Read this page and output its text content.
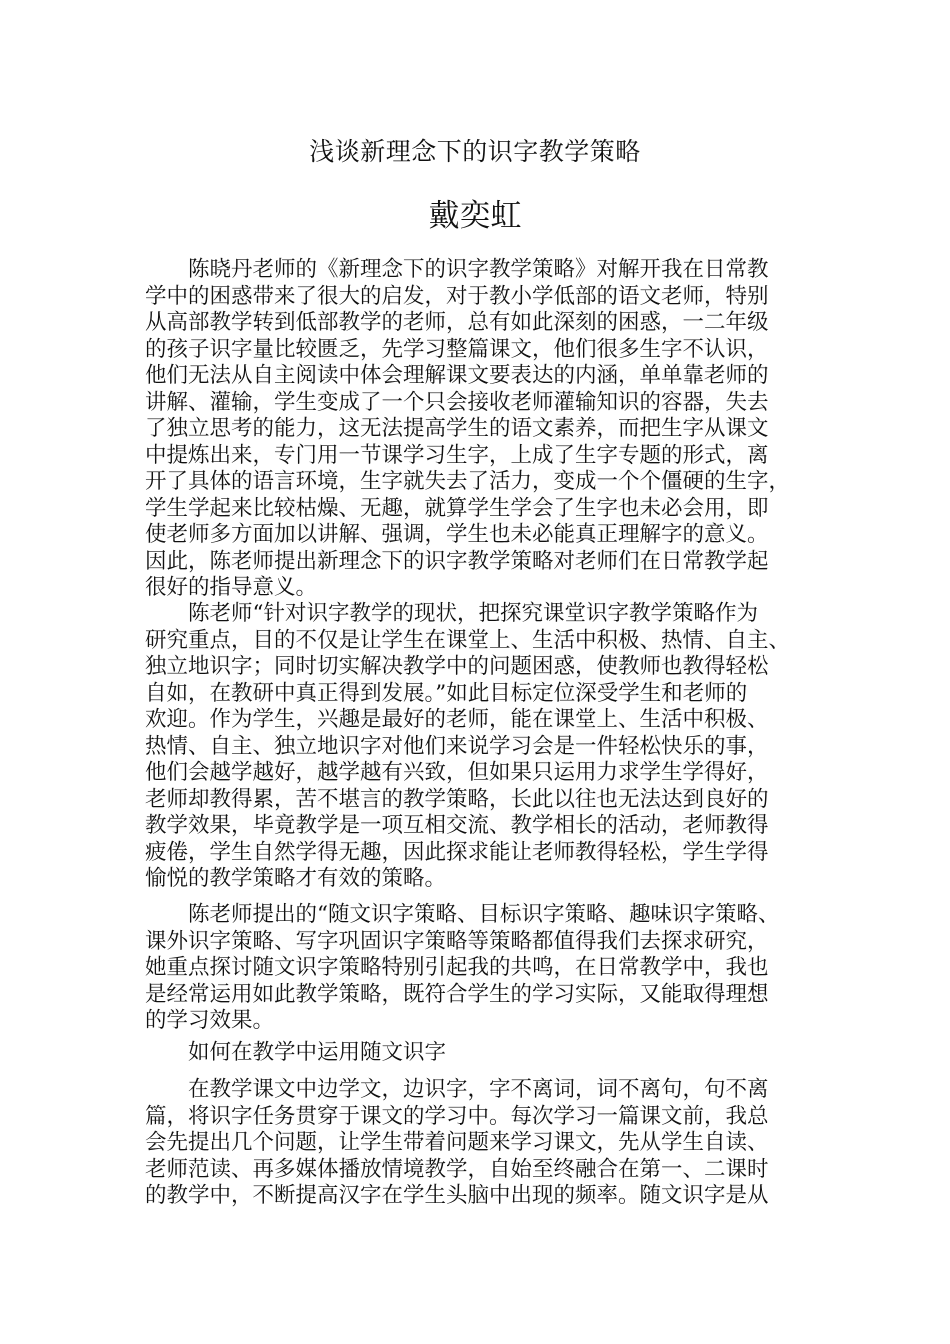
浅谈新理念下的识字教学策略
戴奕虹
陈晓丹老师的《新理念下的识字教学策略》对解开我在日常教
学中的困惑带来了很大的启发，对于教小学低部的语文老师，特别
从高部教学转到低部教学的老师，总有如此深刻的困惑，一二年级
的孩子识字量比较匮乏，先学习整篇课文，他们很多生字不认识，
他们无法从自主阅读中体会理解课文要表达的内涵，单单靠老师的
讲解、灌输，学生变成了一个只会接收老师灌输知识的容器，失去
了独立思考的能力，这无法提高学生的语文素养，而把生字从课文
中提炼出来，专门用一节课学习生字，上成了生字专题的形式，离
开了具体的语言环境，生字就失去了活力，变成一个个僵硬的生字，
学生学起来比较枯燥、无趣，就算学生学会了生字也未必会用，即
使老师多方面加以讲解、强调，学生也未必能真正理解字的意义。
因此，陈老师提出新理念下的识字教学策略对老师们在日常教学起
很好的指导意义。
陈老师“针对识字教学的现状，把探究课堂识字教学策略作为
研究重点，目的不仅是让学生在课堂上、生活中积极、热情、自主、
独立地识字；同时切实解决教学中的问题困惑，使教师也教得轻松
自如，在教研中真正得到发展。”如此目标定位深受学生和老师的
欢迎。作为学生，兴趣是最好的老师，能在课堂上、生活中积极、
热情、自主、独立地识字对他们来说学习会是一件轻松快乐的事，
他们会越学越好，越学越有兴致，但如果只运用力求学生学得好，
老师却教得累，苦不堪言的教学策略，长此以往也无法达到良好的
教学效果，毕竟教学是一项互相交流、教学相长的活动，老师教得
疲倦，学生自然学得无趣，因此探求能让老师教得轻松，学生学得
愉悦的教学策略才有效的策略。
陈老师提出的“随文识字策略、目标识字策略、趣味识字策略、
课外识字策略、写字巩固识字策略等策略都值得我们去探求研究，
她重点探讨随文识字策略特别引起我的共鸣，在日常教学中，我也
是经常运用如此教学策略，既符合学生的学习实际，又能取得理想
的学习效果。
如何在教学中运用随文识字
在教学课文中边学文，边识字，字不离词，词不离句，句不离
篇，将识字任务贯穿于课文的学习中。每次学习一篇课文前，我总
会先提出几个问题，让学生带着问题来学习课文，先从学生自读、
老师范读、再多媒体播放情境教学，自始至终融合在第一、二课时
的教学中，不断提高汉字在学生头脑中出现的频率。随文识字是从
